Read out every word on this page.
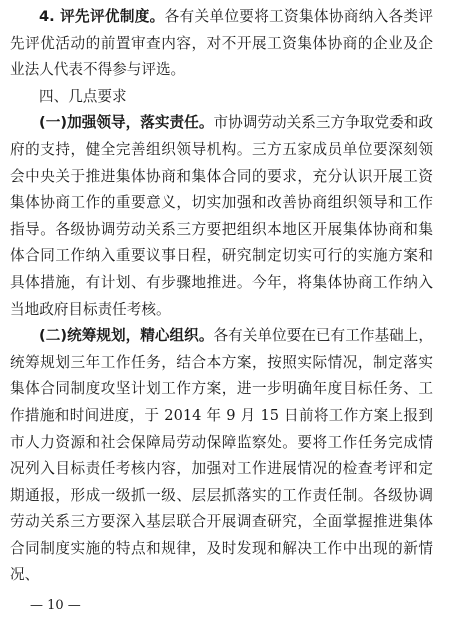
4. 评先评优制度。各有关单位要将工资集体协商纳入各类评先评优活动的前置审查内容，对不开展工资集体协商的企业及企业法人代表不得参与评选。

四、几点要求

(一)加强领导，落实责任。市协调劳动关系三方争取党委和政府的支持，健全完善组织领导机构。三方五家成员单位要深刻领会中央关于推进集体协商和集体合同的要求，充分认识开展工资集体协商工作的重要意义，切实加强和改善协商组织领导和工作指导。各级协调劳动关系三方要把组织本地区开展集体协商和集体合同工作纳入重要议事日程，研究制定切实可行的实施方案和具体措施，有计划、有步骤地推进。今年，将集体协商工作纳入当地政府目标责任考核。

(二)统筹规划，精心组织。各有关单位要在已有工作基础上，统筹规划三年工作任务，结合本方案，按照实际情况，制定落实集体合同制度攻坚计划工作方案，进一步明确年度目标任务、工作措施和时间进度，于 2014 年 9 月 15 日前将工作方案上报到市人力资源和社会保障局劳动保障监察处。要将工作任务完成情况列入目标责任考核内容，加强对工作进展情况的检查考评和定期通报，形成一级抓一级、层层抓落实的工作责任制。各级协调劳动关系三方要深入基层联合开展调查研究，全面掌握推进集体合同制度实施的特点和规律，及时发现和解决工作中出现的新情况、

— 10 —
